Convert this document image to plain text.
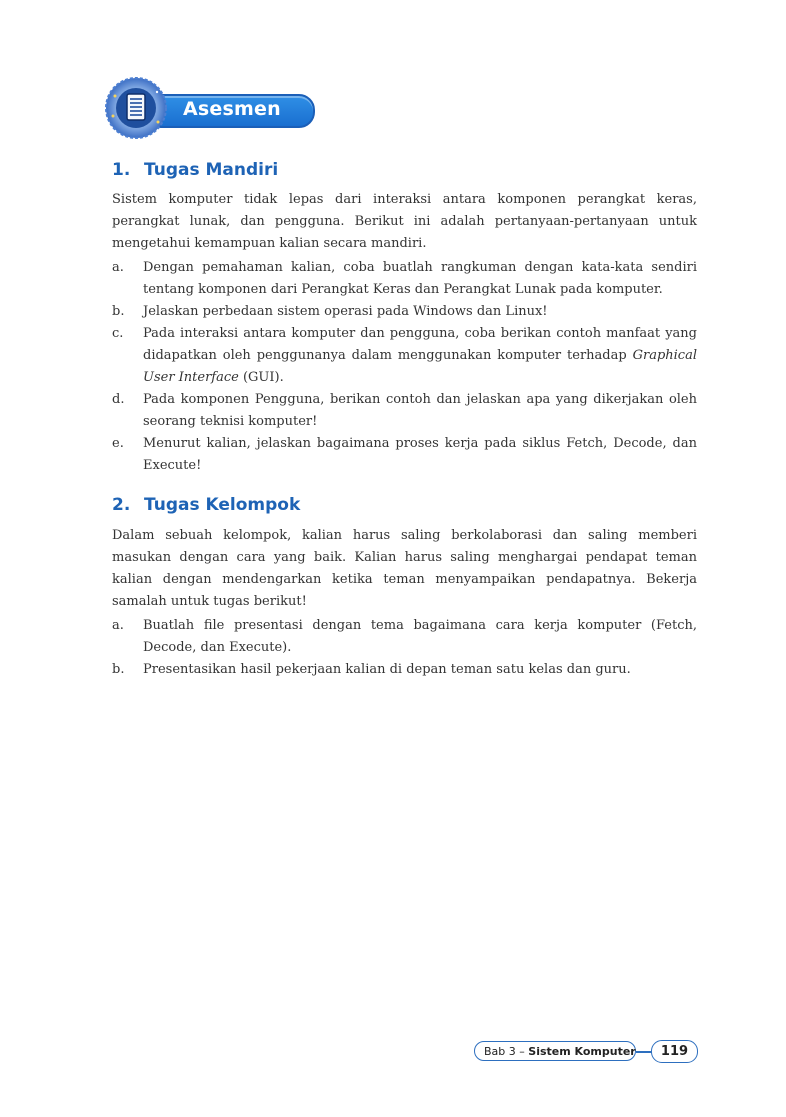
Asesmen
1. Tugas Mandiri
Sistem komputer tidak lepas dari interaksi antara komponen perangkat keras, perangkat lunak, dan pengguna. Berikut ini adalah pertanyaan-pertanyaan untuk mengetahui kemampuan kalian secara mandiri.
a. Dengan pemahaman kalian, coba buatlah rangkuman dengan kata-kata sendiri tentang komponen dari Perangkat Keras dan Perangkat Lunak pada komputer.
b. Jelaskan perbedaan sistem operasi pada Windows dan Linux!
c. Pada interaksi antara komputer dan pengguna, coba berikan contoh manfaat yang didapatkan oleh penggunanya dalam menggunakan komputer terhadap Graphical User Interface (GUI).
d. Pada komponen Pengguna, berikan contoh dan jelaskan apa yang dikerjakan oleh seorang teknisi komputer!
e. Menurut kalian, jelaskan bagaimana proses kerja pada siklus Fetch, Decode, dan Execute!
2. Tugas Kelompok
Dalam sebuah kelompok, kalian harus saling berkolaborasi dan saling memberi masukan dengan cara yang baik. Kalian harus saling menghargai pendapat teman kalian dengan mendengarkan ketika teman menyampaikan pendapatnya. Bekerja samalah untuk tugas berikut!
a. Buatlah file presentasi dengan tema bagaimana cara kerja komputer (Fetch, Decode, dan Execute).
b. Presentasikan hasil pekerjaan kalian di depan teman satu kelas dan guru.
Bab 3 – Sistem Komputer	119
